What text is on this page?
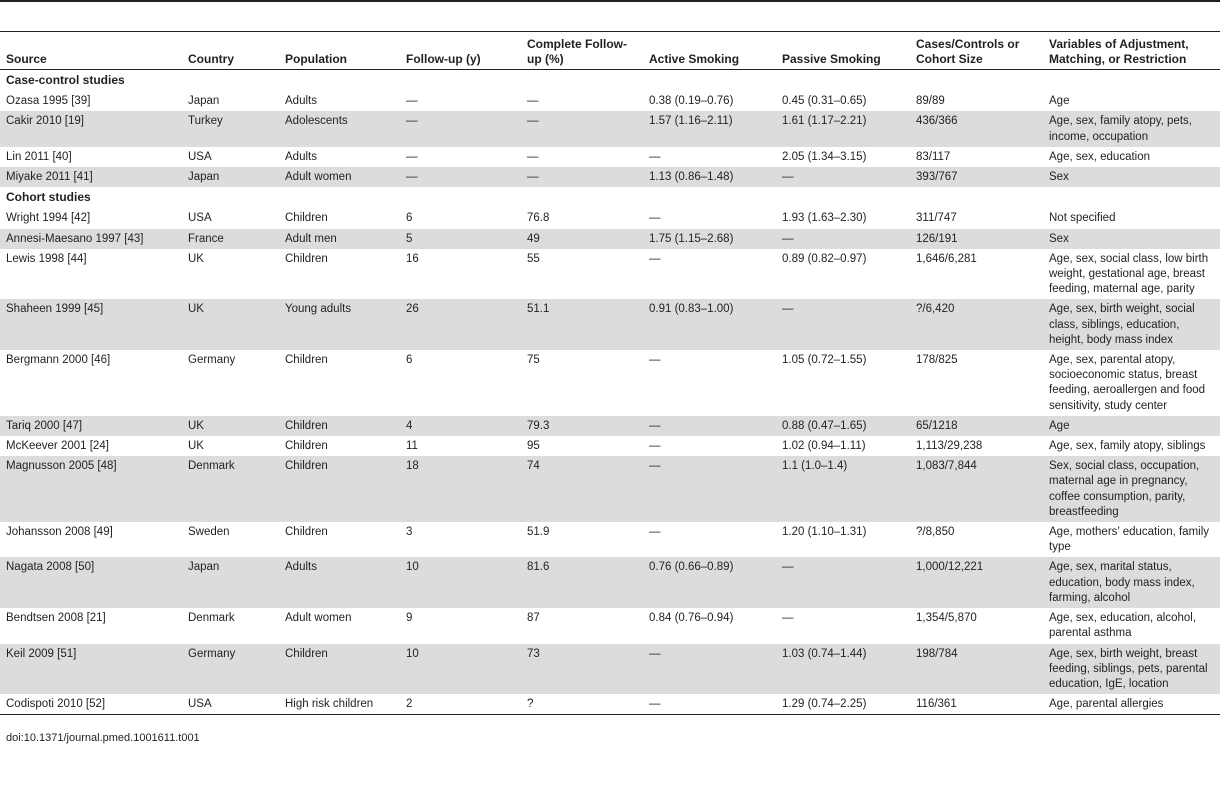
Source	Country	Population	Follow-up (y)	Complete Follow-up (%)	Active Smoking	Passive Smoking	Cases/Controls or Cohort Size	Variables of Adjustment, Matching, or Restriction
Case-control studies								
Ozasa 1995 [39]	Japan	Adults	—	—	0.38 (0.19–0.76)	0.45 (0.31–0.65)	89/89	Age
Cakir 2010 [19]	Turkey	Adolescents	—	—	1.57 (1.16–2.11)	1.61 (1.17–2.21)	436/366	Age, sex, family atopy, pets, income, occupation
Lin 2011 [40]	USA	Adults	—	—	—	2.05 (1.34–3.15)	83/117	Age, sex, education
Miyake 2011 [41]	Japan	Adult women	—	—	1.13 (0.86–1.48)	—	393/767	Sex
Cohort studies								
Wright 1994 [42]	USA	Children	6	76.8	—	1.93 (1.63–2.30)	311/747	Not specified
Annesi-Maesano 1997 [43]	France	Adult men	5	49	1.75 (1.15–2.68)	—	126/191	Sex
Lewis 1998 [44]	UK	Children	16	55	—	0.89 (0.82–0.97)	1,646/6,281	Age, sex, social class, low birth weight, gestational age, breast feeding, maternal age, parity
Shaheen 1999 [45]	UK	Young adults	26	51.1	0.91 (0.83–1.00)	—	?/6,420	Age, sex, birth weight, social class, siblings, education, height, body mass index
Bergmann 2000 [46]	Germany	Children	6	75	—	1.05 (0.72–1.55)	178/825	Age, sex, parental atopy, socioeconomic status, breast feeding, aeroallergen and food sensitivity, study center
Tariq 2000 [47]	UK	Children	4	79.3	—	0.88 (0.47–1.65)	65/1218	Age
McKeever 2001 [24]	UK	Children	11	95	—	1.02 (0.94–1.11)	1,113/29,238	Age, sex, family atopy, siblings
Magnusson 2005 [48]	Denmark	Children	18	74	—	1.1 (1.0–1.4)	1,083/7,844	Sex, social class, occupation, maternal age in pregnancy, coffee consumption, parity, breastfeeding
Johansson 2008 [49]	Sweden	Children	3	51.9	—	1.20 (1.10–1.31)	?/8,850	Age, mothers’ education, family type
Nagata 2008 [50]	Japan	Adults	10	81.6	0.76 (0.66–0.89)	—	1,000/12,221	Age, sex, marital status, education, body mass index, farming, alcohol
Bendtsen 2008 [21]	Denmark	Adult women	9	87	0.84 (0.76–0.94)	—	1,354/5,870	Age, sex, education, alcohol, parental asthma
Keil 2009 [51]	Germany	Children	10	73	—	1.03 (0.74–1.44)	198/784	Age, sex, birth weight, breast feeding, siblings, pets, parental education, IgE, location
Codispoti 2010 [52]	USA	High risk children	2	?	—	1.29 (0.74–2.25)	116/361	Age, parental allergies
doi:10.1371/journal.pmed.1001611.t001
